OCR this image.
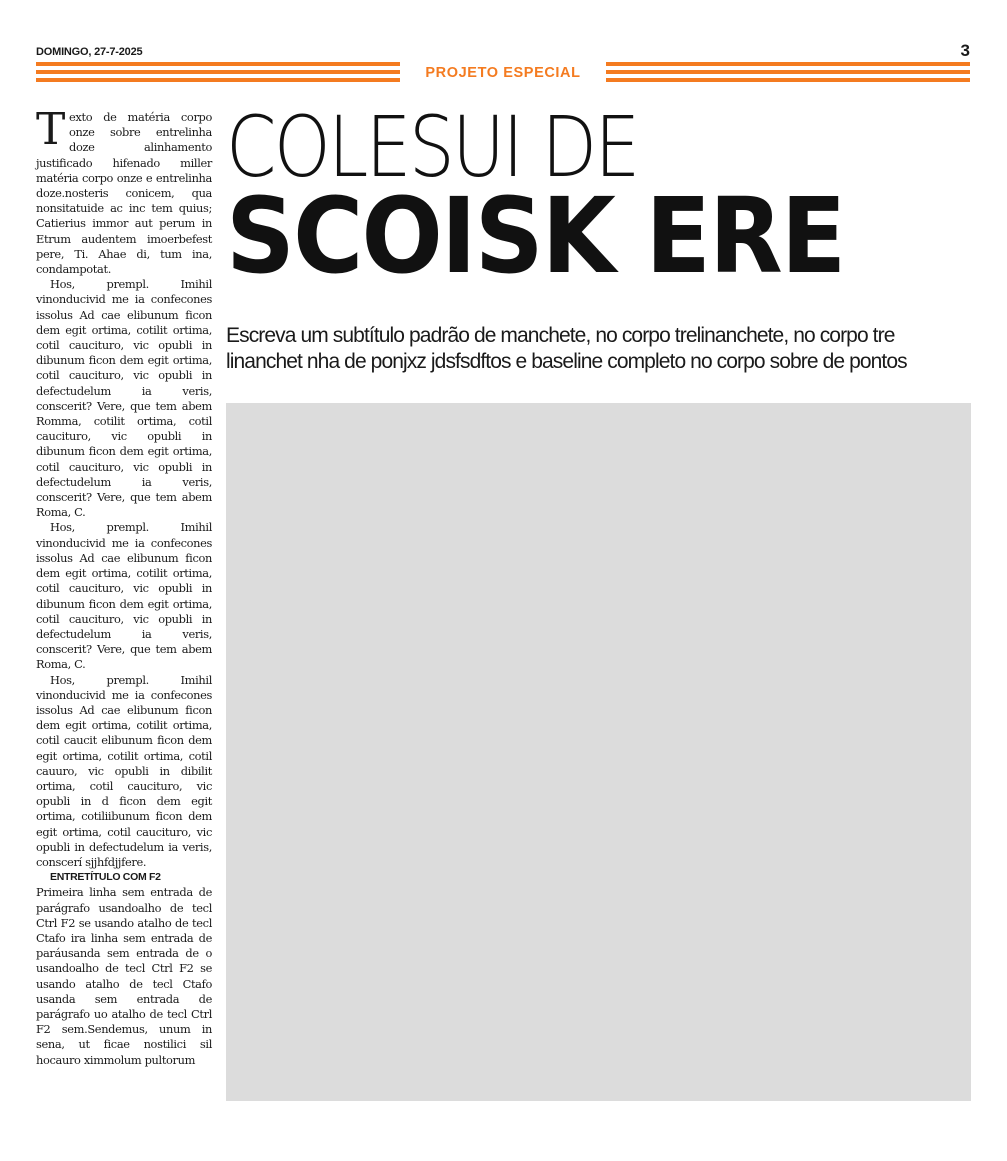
DOMINGO, 27-7-2025	3
PROJETO ESPECIAL

Texto de matéria corpo onze sobre entrelinha doze alinhamento justificado hifenado miller matéria corpo onze e entrelinha doze.nosteris conicem, qua nonsitatuide ac inc tem quius; Catierius immor aut perum in Etrum audentem imoerbefest pere, Ti. Ahae di, tum ina, condampotat.

Hos, prempl. Imihil vinonducivid me ia confecones issolus Ad cae elibunum ficon dem egit ortima, cotilit ortima, cotil caucituro, vic opubli in dibunum ficon dem egit ortima, cotil caucituro, vic opubli in defectudelum ia veris, conscerit? Vere, que tem abem Romma, cotilit ortima, cotil caucituro, vic opubli in dibunum ficon dem egit ortima, cotil caucituro, vic opubli in defectudelum ia veris, conscerit? Vere, que tem abem Roma, C.

Hos, prempl. Imihil vinonducivid me ia confecones issolus Ad cae elibunum ficon dem egit ortima, cotilit ortima, cotil caucituro, vic opubli in dibunum ficon dem egit ortima, cotil caucituro, vic opubli in defectudelum ia veris, conscerit? Vere, que tem abem Roma, C.

Hos, prempl. Imihil vinonducivid me ia confecones issolus Ad cae elibunum ficon dem egit ortima, cotilit ortima, cotil caucit elibunum ficon dem egit ortima, cotilit ortima, cotil cauuro, vic opubli in dibilit ortima, cotil caucituro, vic opubli in d ficon dem egit ortima, cotiliibunum ficon dem egit ortima, cotil caucituro, vic opubli in defectudelum ia veris, conscerí sjjhfdjjfere.

ENTRETÍTULO COM F2

Primeira linha sem entrada de parágrafo usandoalho de tecl Ctrl F2 se usando atalho de tecl Ctafo ira linha sem entrada de paráusanda sem entrada de o usandoalho de tecl Ctrl F2 se usando atalho de tecl Ctafo usanda sem entrada de parágrafo uo atalho de tecl Ctrl F2 sem.Sendemus, unum in sena, ut ficae nostilici sil hocauro ximmolum pultorum

COLESUI DE
SCOISK ERE
Escreva um subtítulo padrão de manchete, no corpo trelinanchete, no corpo tre linanchet nha de ponjxz jdsfsdftos e baseline completo no corpo sobre de pontos
